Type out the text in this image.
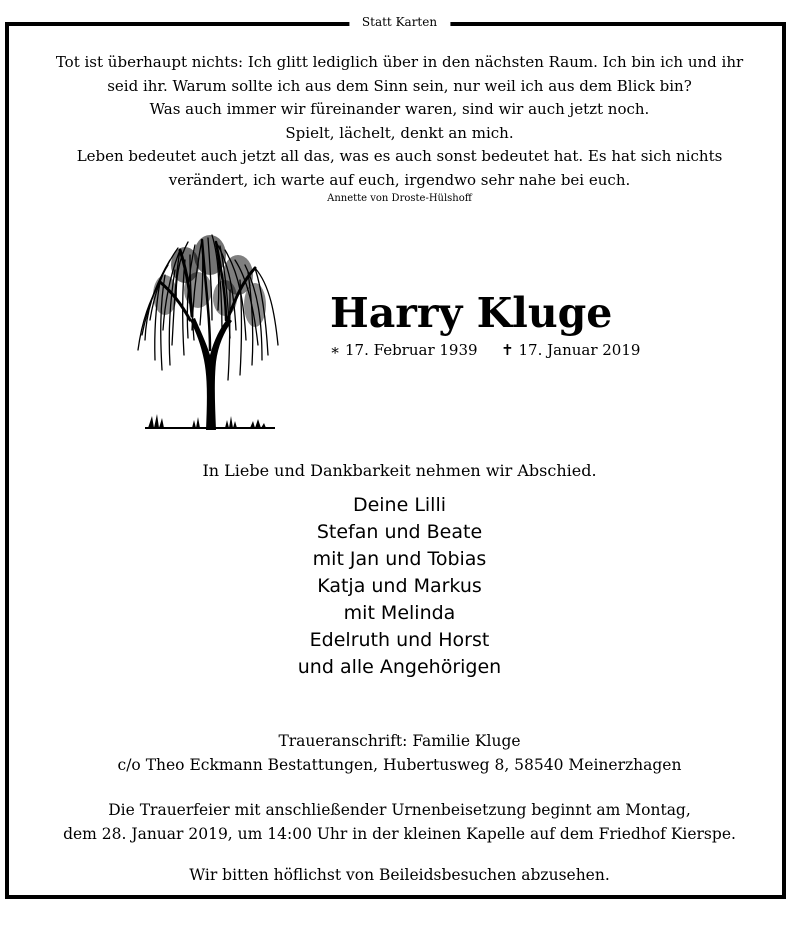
Statt Karten
Tot ist überhaupt nichts: Ich glitt lediglich über in den nächsten Raum. Ich bin ich und ihr
seid ihr. Warum sollte ich aus dem Sinn sein, nur weil ich aus dem Blick bin?
Was auch immer wir füreinander waren, sind wir auch jetzt noch.
Spielt, lächelt, denkt an mich.
Leben bedeutet auch jetzt all das, was es auch sonst bedeutet hat. Es hat sich nichts
verändert, ich warte auf euch, irgendwo sehr nahe bei euch.
Annette von Droste-Hülshoff
Harry Kluge
∗ 17. Februar 1939 ✝ 17. Januar 2019
In Liebe und Dankbarkeit nehmen wir Abschied.
Deine Lilli
Stefan und Beate
mit Jan und Tobias
Katja und Markus
mit Melinda
Edelruth und Horst
und alle Angehörigen
Traueranschrift: Familie Kluge
c/o Theo Eckmann Bestattungen, Hubertusweg 8, 58540 Meinerzhagen
Die Trauerfeier mit anschließender Urnenbeisetzung beginnt am Montag,
dem 28. Januar 2019, um 14:00 Uhr in der kleinen Kapelle auf dem Friedhof Kierspe.
Wir bitten höflichst von Beileidsbesuchen abzusehen.
